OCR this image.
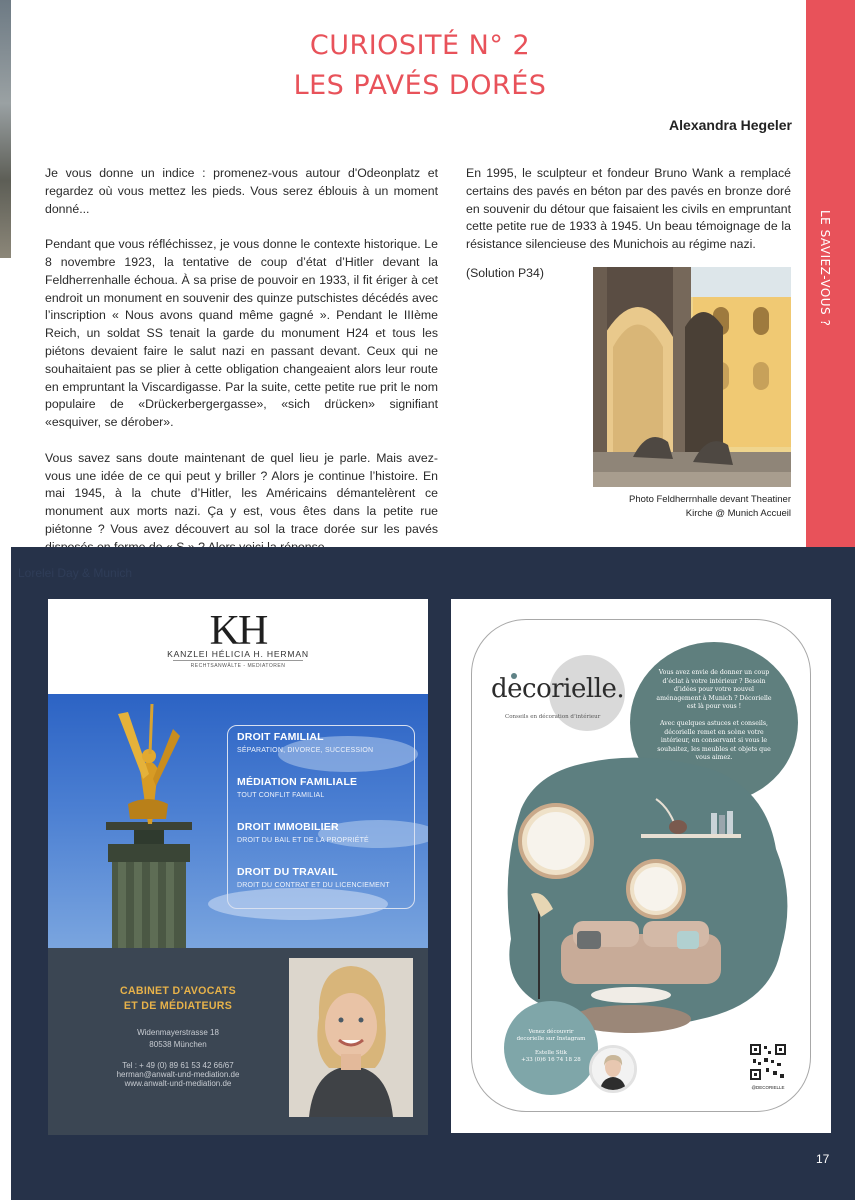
LE SAVIEZ-VOUS ?
CURIOSITÉ N° 2
LES PAVÉS DORÉS
Alexandra Hegeler

Je vous donne un indice : promenez-vous autour d'Odeonplatz et regardez où vous mettez les pieds. Vous serez éblouis à un moment donné...

Pendant que vous réfléchissez, je vous donne le contexte historique. Le 8 novembre 1923, la tentative de coup d’état d’Hitler devant la Feldherrenhalle échoua. À sa prise de pouvoir en 1933, il fit ériger à cet endroit un monument en souvenir des quinze putschistes décédés avec l’inscription « Nous avons quand même gagné ». Pendant le IIIème Reich, un soldat SS tenait la garde du monument H24 et tous les piétons devaient faire le salut nazi en passant devant. Ceux qui ne souhaitaient pas se plier à cette obligation changeaient alors leur route en empruntant la Viscardigasse. Par la suite, cette petite rue prit le nom populaire de «Drückerbergergasse», «sich drücken» signifiant «esquiver, se dérober».

Vous savez sans doute maintenant de quel lieu je parle. Mais avez-vous une idée de ce qui peut y briller ? Alors je continue l’histoire. En mai 1945, à la chute d’Hitler, les Américains démantelèrent ce monument aux morts nazi. Ça y est, vous êtes dans la petite rue piétonne ? Vous avez découvert au sol la trace dorée sur les pavés

En 1995, le sculpteur et fondeur Bruno Wank a remplacé certains des pavés en béton par des pavés en bronze doré en souvenir du détour que faisaient les civils en empruntant cette petite rue de 1933 à 1945. Un beau témoignage de la résistance silencieuse des Munichois au régime nazi.

(Solution P34)
Photo Feldherrnhalle devant Theatiner
Kirche @ Munich Accueil
Lorelei Day & Munich
KH
KANZLEI HÉLICIA H. HERMAN
RECHTSANWÄLTE - MEDIATOREN
DROIT FAMILIAL
SÉPARATION, DIVORCE, SUCCESSION
MÉDIATION FAMILIALE
TOUT CONFLIT FAMILIAL
DROIT IMMOBILIER
DROIT DU BAIL ET DE LA PROPRIÉTÉ
DROIT DU TRAVAIL
DROIT DU CONTRAT ET DU LICENCIEMENT
CABINET D’AVOCATS
ET DE MÉDIATEURS
Widenmayerstrasse 18
80538 München
Tel : + 49 (0) 89 61 53 42 66/67
herman@anwalt-und-mediation.de
www.anwalt-und-mediation.de
decorielle.
Conseils en décoration d’intérieur

Vous avez envie de donner un coup d’éclat à votre intérieur ? Besoin d’idées pour votre nouvel aménagement à Munich ? Décorielle est là pour vous !

Avec quelques astuces et conseils, décorielle remet en scène votre intérieur, en conservant si vous le souhaitez, les meubles et objets que vous aimez.

Venez découvrir
decorielle sur Instagram
Estelle Stik
+33 (0)6 16 74 18 28
@DECORIELLE
17
